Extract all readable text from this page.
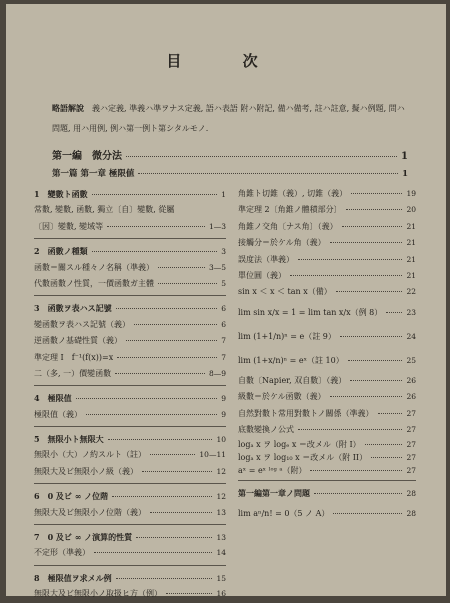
目 次
略語解說 義ハ定義, 凖義ハ凖ヲナス定義, 語ハ表語 附ハ附記, 備ハ備考, 註ハ註意, 擬ハ例題, 問ハ問題, 用ハ用例, 例ハ第一例ト第シタルモノ.
第一編　微分法	1
第一篇 第一章 極限値	1
1　變數ト函數	1
常數, 變數, 函數, 獨立〔自〕變數, 從屬
〔因〕變數, 變域等	1—3
2　函數ノ種類	3
函數＝關スル種々ノ名稱（凖義）	3—5
代數函數ノ性質，一價函數ガ主體	5
3　函數ヲ表ハス記號	6
變函數ヲ表ハス記號（義）	6
逆函數ノ基礎性質（義）	7
準定理 I　f⁻¹(f(x))=x	7
二（多, 一）價變函數	8—9
4　極限值	9
極限值（義）	9
5　無限小ト無限大	10
無限小（大）ノ約スルト（註）	10—11
無限大及ビ無限小ノ級（義）	12
6　0 及ビ ∞ ノ位階	12
無限大及ビ無限小ノ位階（義）	13
7　0 及ビ ∞ ノ演算的性質	13
不定形（凖義）	14
8　極限值ヲ求メル例	15
無限大及ビ無限小ノ取扱ヒ方（例）	16
角錐ト切錐（義）, 切錐（義）	19
準定理 2〔角錐ノ體積部分〕	20
角錐ノ交角〔ナス角〕（義）	21
接觸分＝於ケル角（義）	21
誤度法（凖義）	21
單位圓（義）	21
sin x ＜ x ＜ tan x（備）	22
lim sin x/x = 1 = lim tan x/x（例 8）	23
lim (1+1/n)ⁿ = e（註 9）	24
lim (1+x/n)ⁿ = eˣ（註 10）	25
自數〔Napier, 双自數〕（義）	26
級數＝於ケル函數（義）	26
自然對數ト常用對數トノ關係（凖義）	27
底數變換ノ公式	27
logₐ x ヲ logₑ x ＝改メル（附 I）	27
logₐ x ヲ log₁₀ x ＝改メル（附 II）	27
aˣ = eˣ ˡᵒᵍ ᵃ（附）	27
第一編第一章ノ問題	28
lim aⁿ/n! = 0（5 ノ A）	28
